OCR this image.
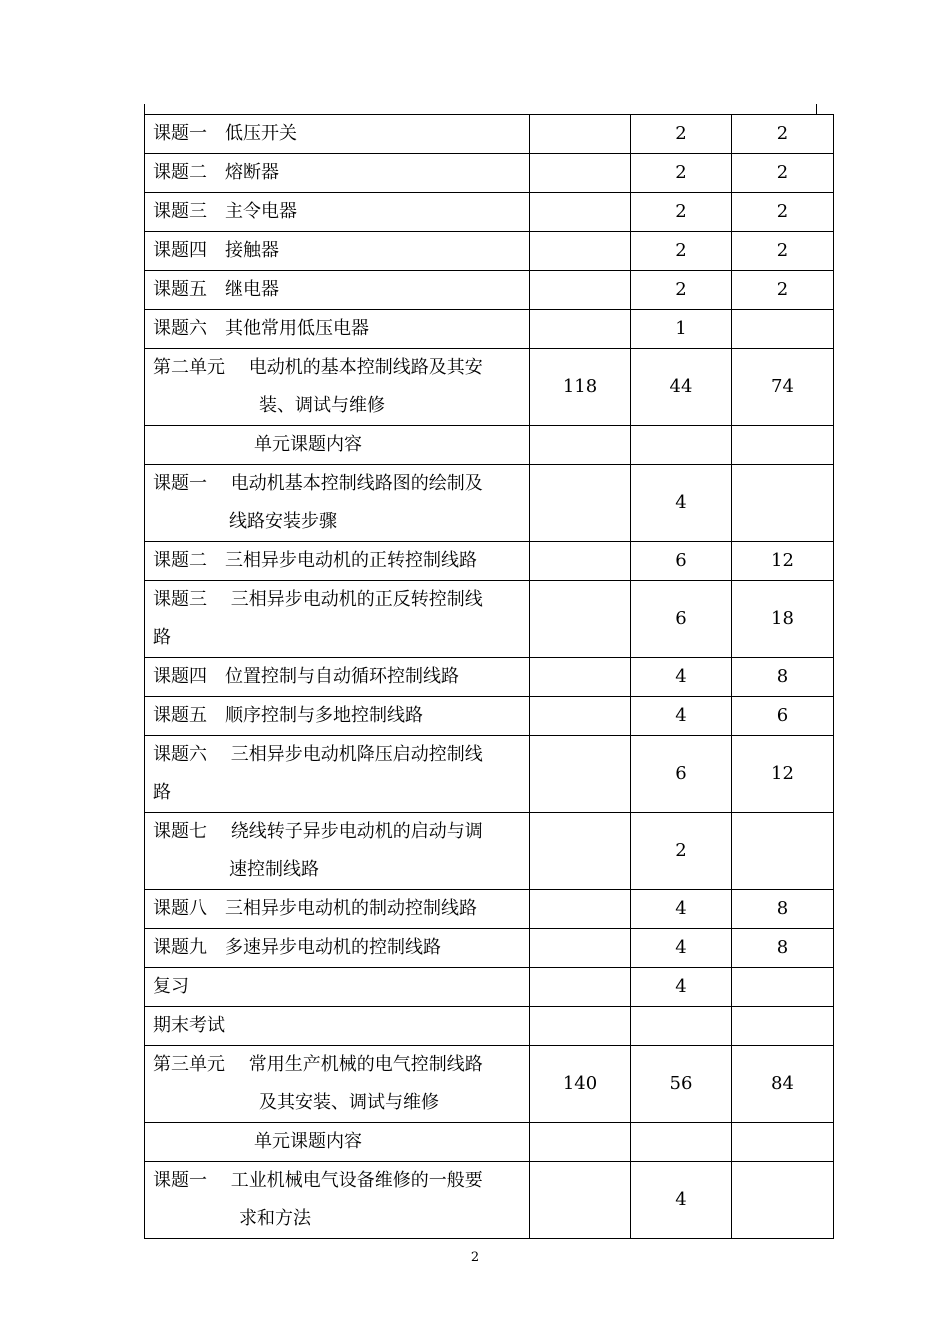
课题一　低压开关		2	2
课题二　熔断器		2	2
课题三　主令电器		2	2
课题四　接触器		2	2
课题五　继电器		2	2
课题六　其他常用低压电器		1	

第二单元　 电动机的基本控制线路及其安
装、调试与维修	118	44	74

单元课题内容			

课题一　 电动机基本控制线路图的绘制及
线路安装步骤		4	
课题二　三相异步电动机的正转控制线路		6	12

课题三　 三相异步电动机的正反转控制线
路		6	18
课题四　位置控制与自动循环控制线路		4	8
课题五　顺序控制与多地控制线路		4	6

课题六　 三相异步电动机降压启动控制线
路		6	12

课题七　 绕线转子异步电动机的启动与调
速控制线路		2	
课题八　三相异步电动机的制动控制线路		4	8
课题九　多速异步电动机的控制线路		4	8
复习		4	
期末考试			

第三单元　 常用生产机械的电气控制线路
及其安装、调试与维修	140	56	84

单元课题内容			

课题一　 工业机械电气设备维修的一般要
求和方法		4	
2
